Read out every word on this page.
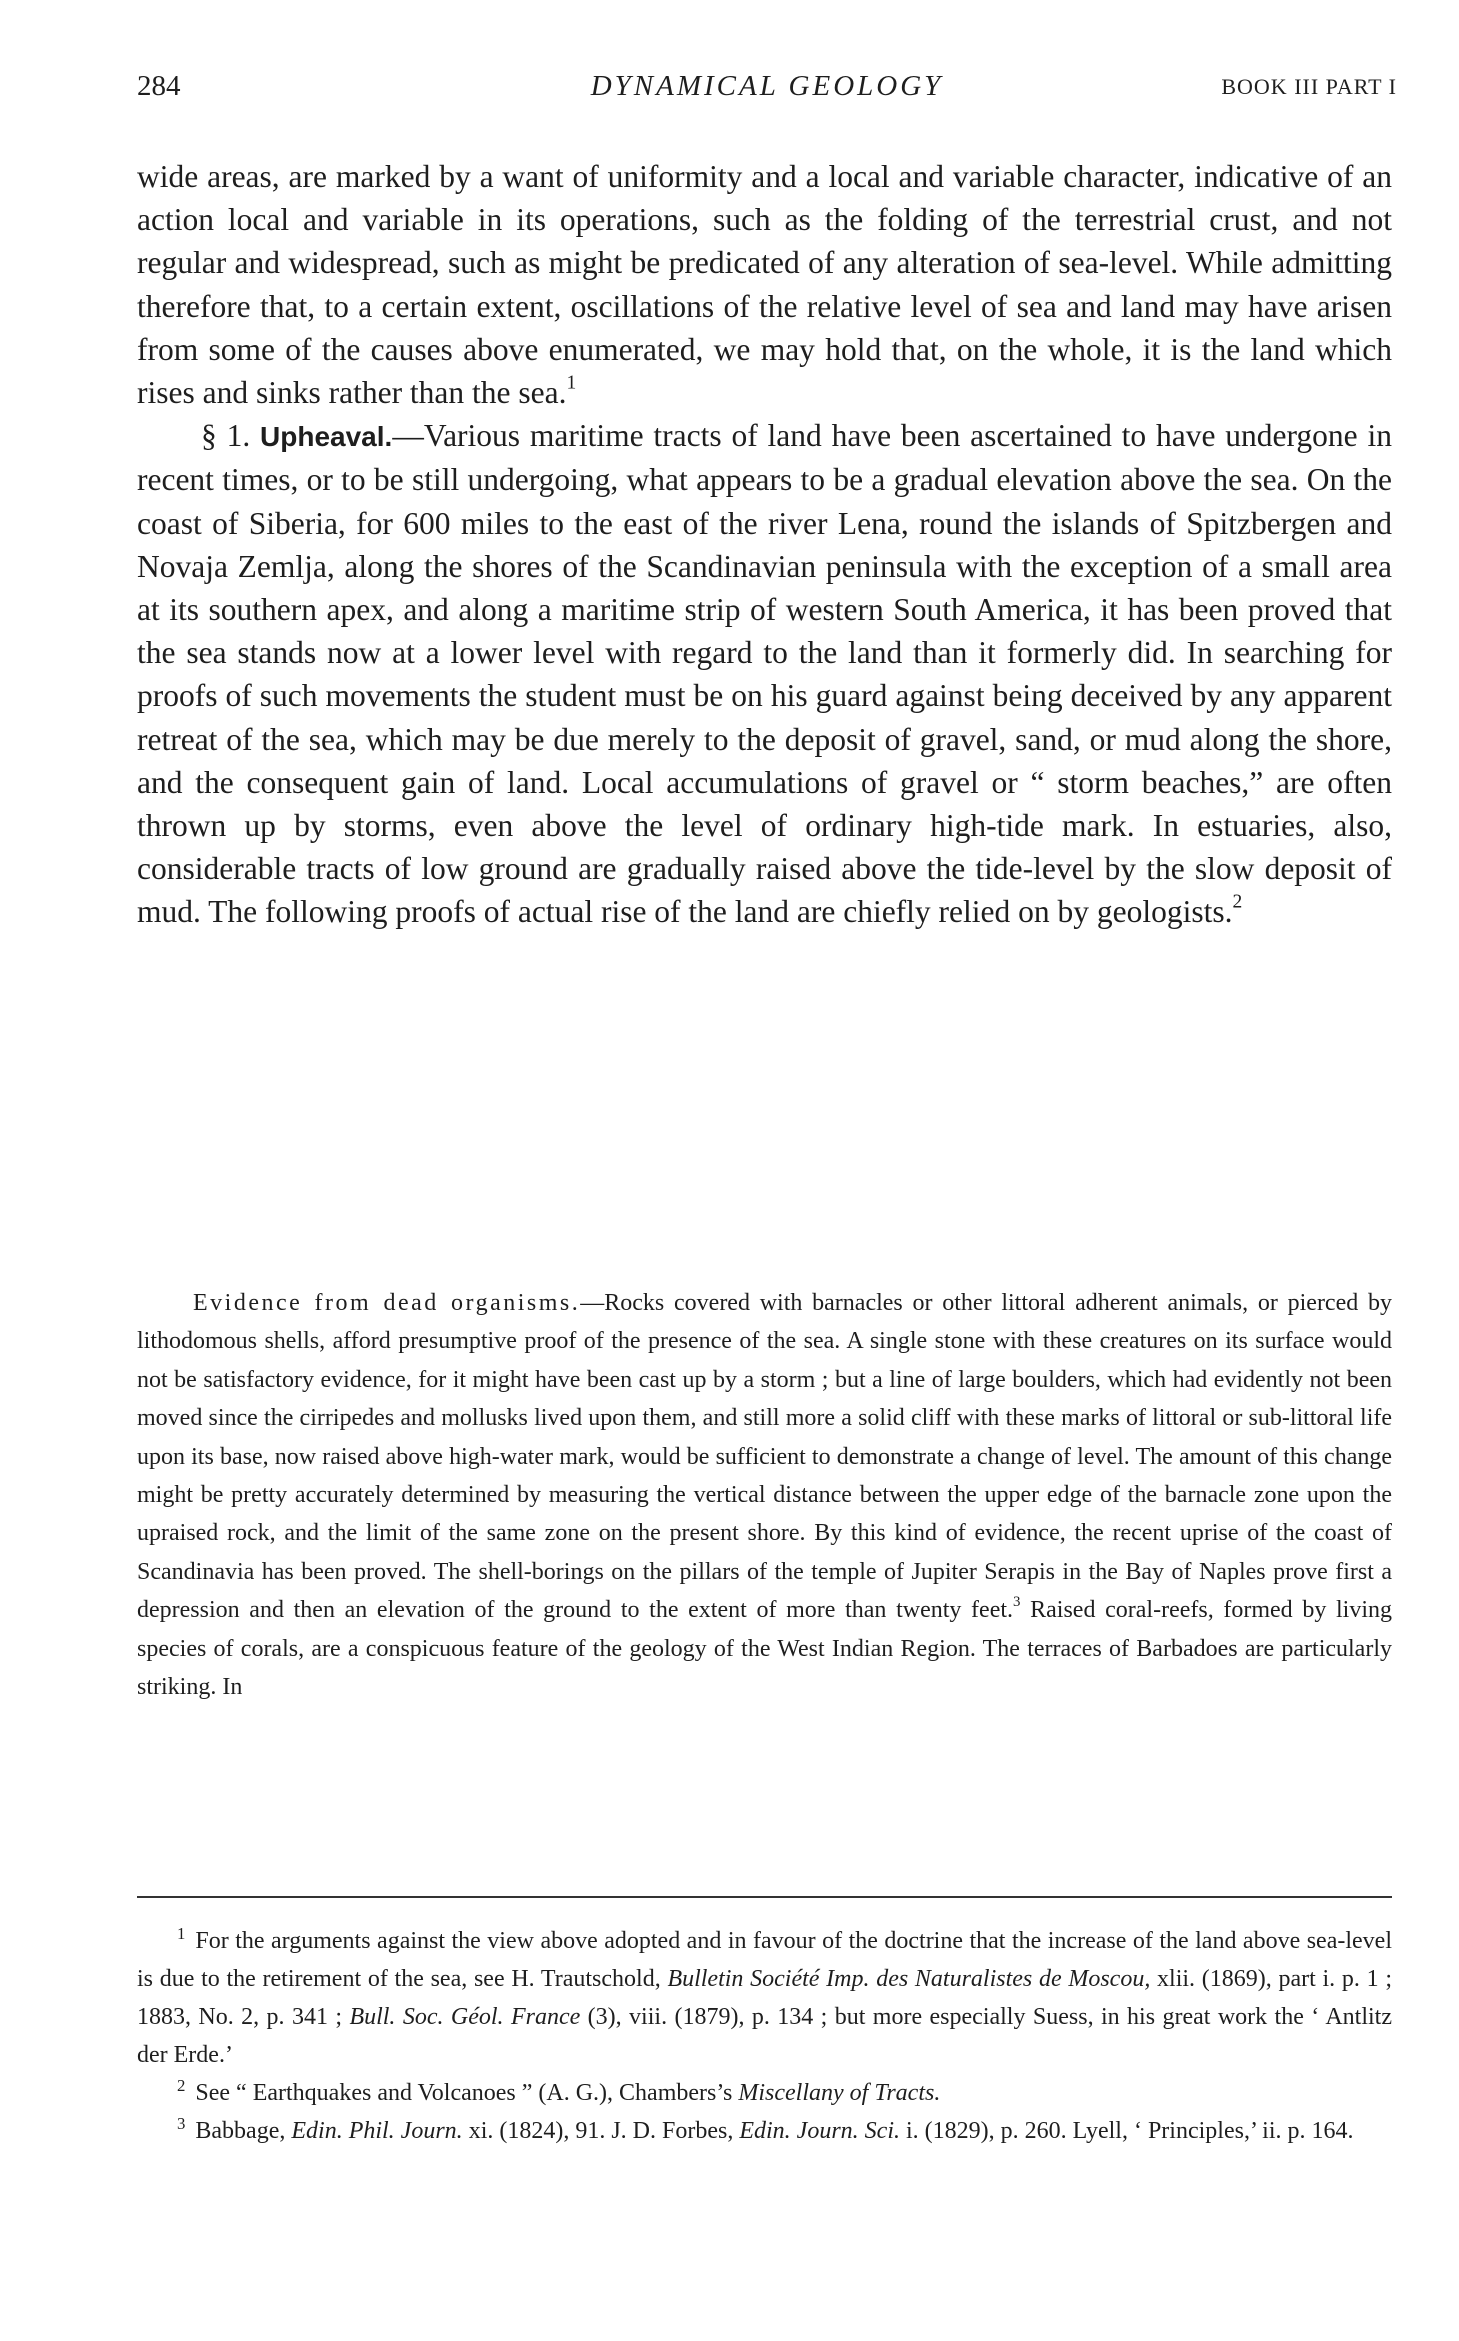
284	DYNAMICAL GEOLOGY	BOOK III PART I

wide areas, are marked by a want of uniformity and a local and variable character, indicative of an action local and variable in its operations, such as the folding of the terrestrial crust, and not regular and widespread, such as might be predicated of any alteration of sea-level. While admitting therefore that, to a certain extent, oscillations of the relative level of sea and land may have arisen from some of the causes above enumerated, we may hold that, on the whole, it is the land which rises and sinks rather than the sea.$^1$

§ 1. Upheaval.—Various maritime tracts of land have been ascertained to have undergone in recent times, or to be still undergoing, what appears to be a gradual elevation above the sea. On the coast of Siberia, for 600 miles to the east of the river Lena, round the islands of Spitzbergen and Novaja Zemlja, along the shores of the Scandinavian peninsula with the exception of a small area at its southern apex, and along a maritime strip of western South America, it has been proved that the sea stands now at a lower level with regard to the land than it formerly did. In searching for proofs of such movements the student must be on his guard against being deceived by any apparent retreat of the sea, which may be due merely to the deposit of gravel, sand, or mud along the shore, and the consequent gain of land. Local accumulations of gravel or “ storm beaches,” are often thrown up by storms, even above the level of ordinary high-tide mark. In estuaries, also, considerable tracts of low ground are gradually raised above the tide-level by the slow deposit of mud. The following proofs of actual rise of the land are chiefly relied on by geologists.$^2$

Evidence from dead organisms.—Rocks covered with barnacles or other littoral adherent animals, or pierced by lithodomous shells, afford presumptive proof of the presence of the sea. A single stone with these creatures on its surface would not be satisfactory evidence, for it might have been cast up by a storm ; but a line of large boulders, which had evidently not been moved since the cirripedes and mollusks lived upon them, and still more a solid cliff with these marks of littoral or sub-littoral life upon its base, now raised above high-water mark, would be sufficient to demonstrate a change of level. The amount of this change might be pretty accurately determined by measuring the vertical distance between the upper edge of the barnacle zone upon the upraised rock, and the limit of the same zone on the present shore. By this kind of evidence, the recent uprise of the coast of Scandinavia has been proved. The shell-borings on the pillars of the temple of Jupiter Serapis in the Bay of Naples prove first a depression and then an elevation of the ground to the extent of more than twenty feet.$^3$ Raised coral-reefs, formed by living species of corals, are a conspicuous feature of the geology of the West Indian Region. The terraces of Barbadoes are particularly striking. In

$^1$ For the arguments against the view above adopted and in favour of the doctrine that the increase of the land above sea-level is due to the retirement of the sea, see H. Trautschold, Bulletin Société Imp. des Naturalistes de Moscou, xlii. (1869), part i. p. 1 ; 1883, No. 2, p. 341 ; Bull. Soc. Géol. France (3), viii. (1879), p. 134 ; but more especially Suess, in his great work the ‘ Antlitz der Erde.’

$^2$ See “ Earthquakes and Volcanoes ” (A. G.), Chambers’s Miscellany of Tracts.

$^3$ Babbage, Edin. Phil. Journ. xi. (1824), 91. J. D. Forbes, Edin. Journ. Sci. i. (1829), p. 260. Lyell, ‘ Principles,’ ii. p. 164.
